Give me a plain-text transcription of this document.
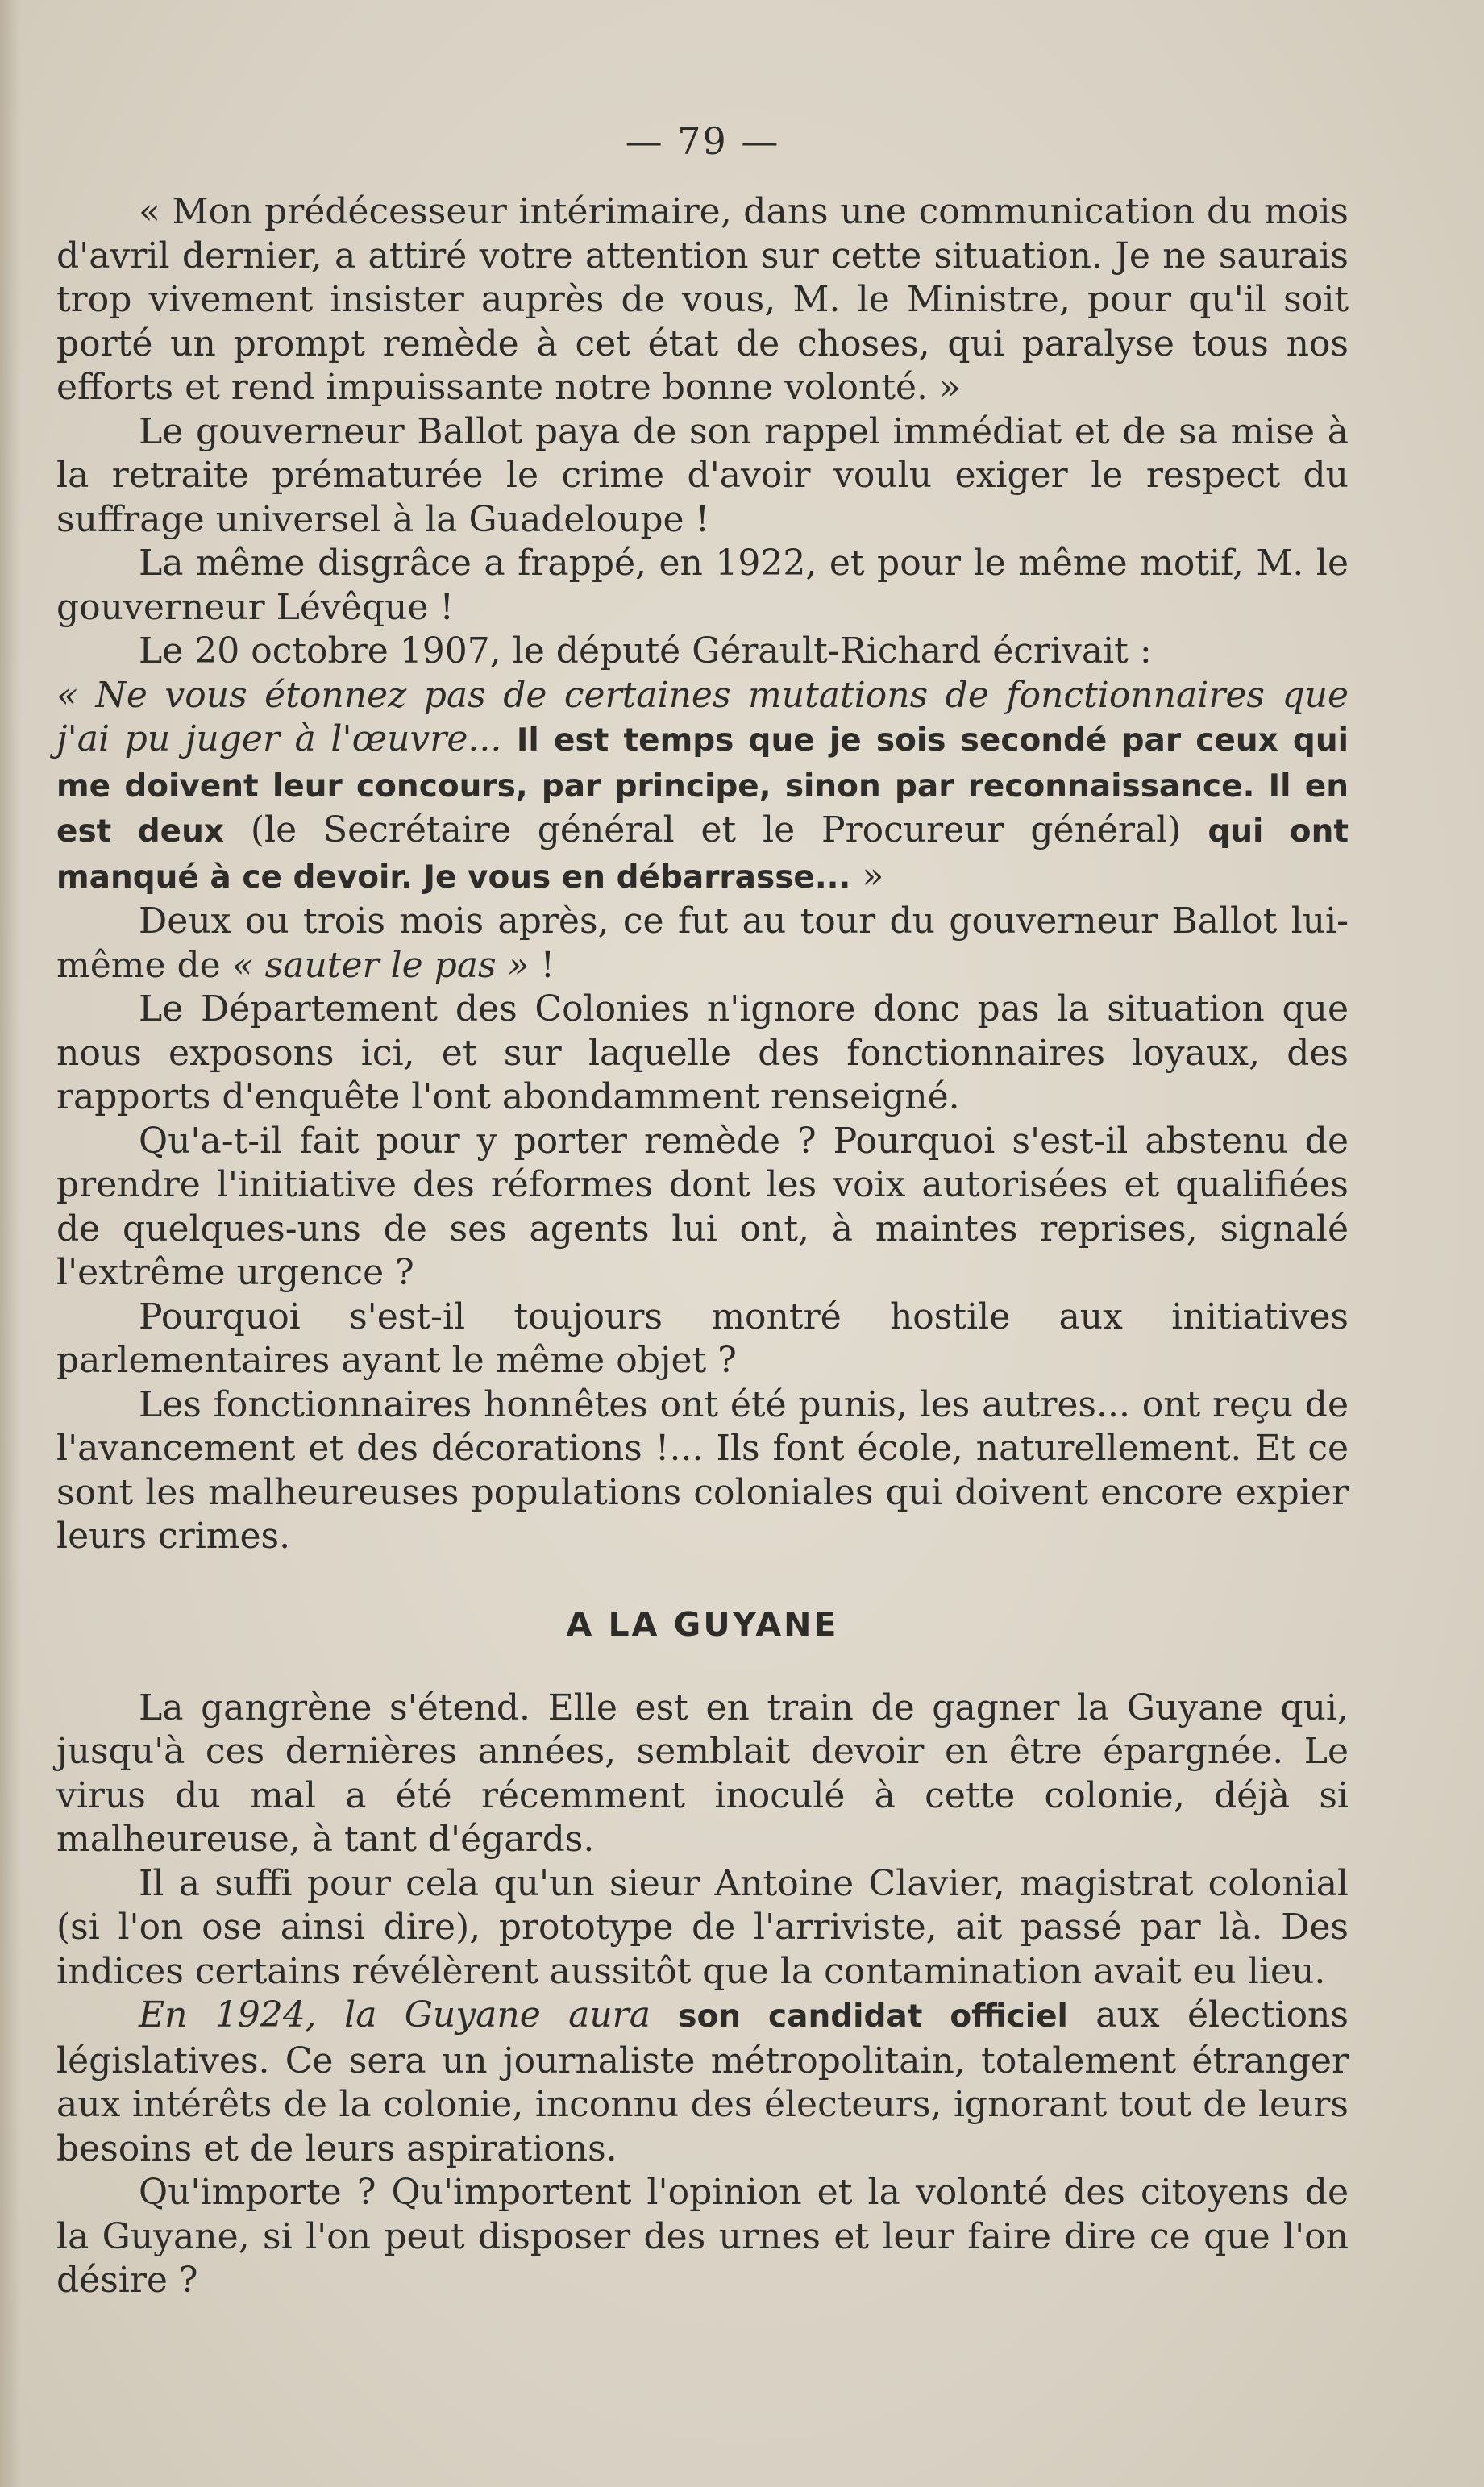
— 79 —

« Mon prédécesseur intérimaire, dans une communication du mois d'avril dernier, a attiré votre attention sur cette situation. Je ne saurais trop vivement insister auprès de vous, M. le Ministre, pour qu'il soit porté un prompt remède à cet état de choses, qui paralyse tous nos efforts et rend impuissante notre bonne volonté. »

Le gouverneur Ballot paya de son rappel immédiat et de sa mise à la retraite prématurée le crime d'avoir voulu exiger le respect du suffrage universel à la Guadeloupe !

La même disgrâce a frappé, en 1922, et pour le même motif, M. le gouverneur Lévêque !

Le 20 octobre 1907, le député Gérault-Richard écrivait :

« Ne vous étonnez pas de certaines mutations de fonctionnaires que j'ai pu juger à l'œuvre... Il est temps que je sois secondé par ceux qui me doivent leur concours, par principe, sinon par reconnaissance. Il en est deux (le Secrétaire général et le Procureur général) qui ont manqué à ce devoir. Je vous en débarrasse... »

Deux ou trois mois après, ce fut au tour du gouverneur Ballot lui-même de « sauter le pas » !

Le Département des Colonies n'ignore donc pas la situation que nous exposons ici, et sur laquelle des fonctionnaires loyaux, des rapports d'enquête l'ont abondamment renseigné.

Qu'a-t-il fait pour y porter remède ? Pourquoi s'est-il abstenu de prendre l'initiative des réformes dont les voix autorisées et qualifiées de quelques-uns de ses agents lui ont, à maintes reprises, signalé l'extrême urgence ?

Pourquoi s'est-il toujours montré hostile aux initiatives parlementaires ayant le même objet ?

Les fonctionnaires honnêtes ont été punis, les autres... ont reçu de l'avancement et des décorations !... Ils font école, naturellement. Et ce sont les malheureuses populations coloniales qui doivent encore expier leurs crimes.

A LA GUYANE

La gangrène s'étend. Elle est en train de gagner la Guyane qui, jusqu'à ces dernières années, semblait devoir en être épargnée. Le virus du mal a été récemment inoculé à cette colonie, déjà si malheureuse, à tant d'égards.

Il a suffi pour cela qu'un sieur Antoine Clavier, magistrat colonial (si l'on ose ainsi dire), prototype de l'arriviste, ait passé par là. Des indices certains révélèrent aussitôt que la contamination avait eu lieu.

En 1924, la Guyane aura son candidat officiel aux élections législatives. Ce sera un journaliste métropolitain, totalement étranger aux intérêts de la colonie, inconnu des électeurs, ignorant tout de leurs besoins et de leurs aspirations.

Qu'importe ? Qu'importent l'opinion et la volonté des citoyens de la Guyane, si l'on peut disposer des urnes et leur faire dire ce que l'on désire ?
